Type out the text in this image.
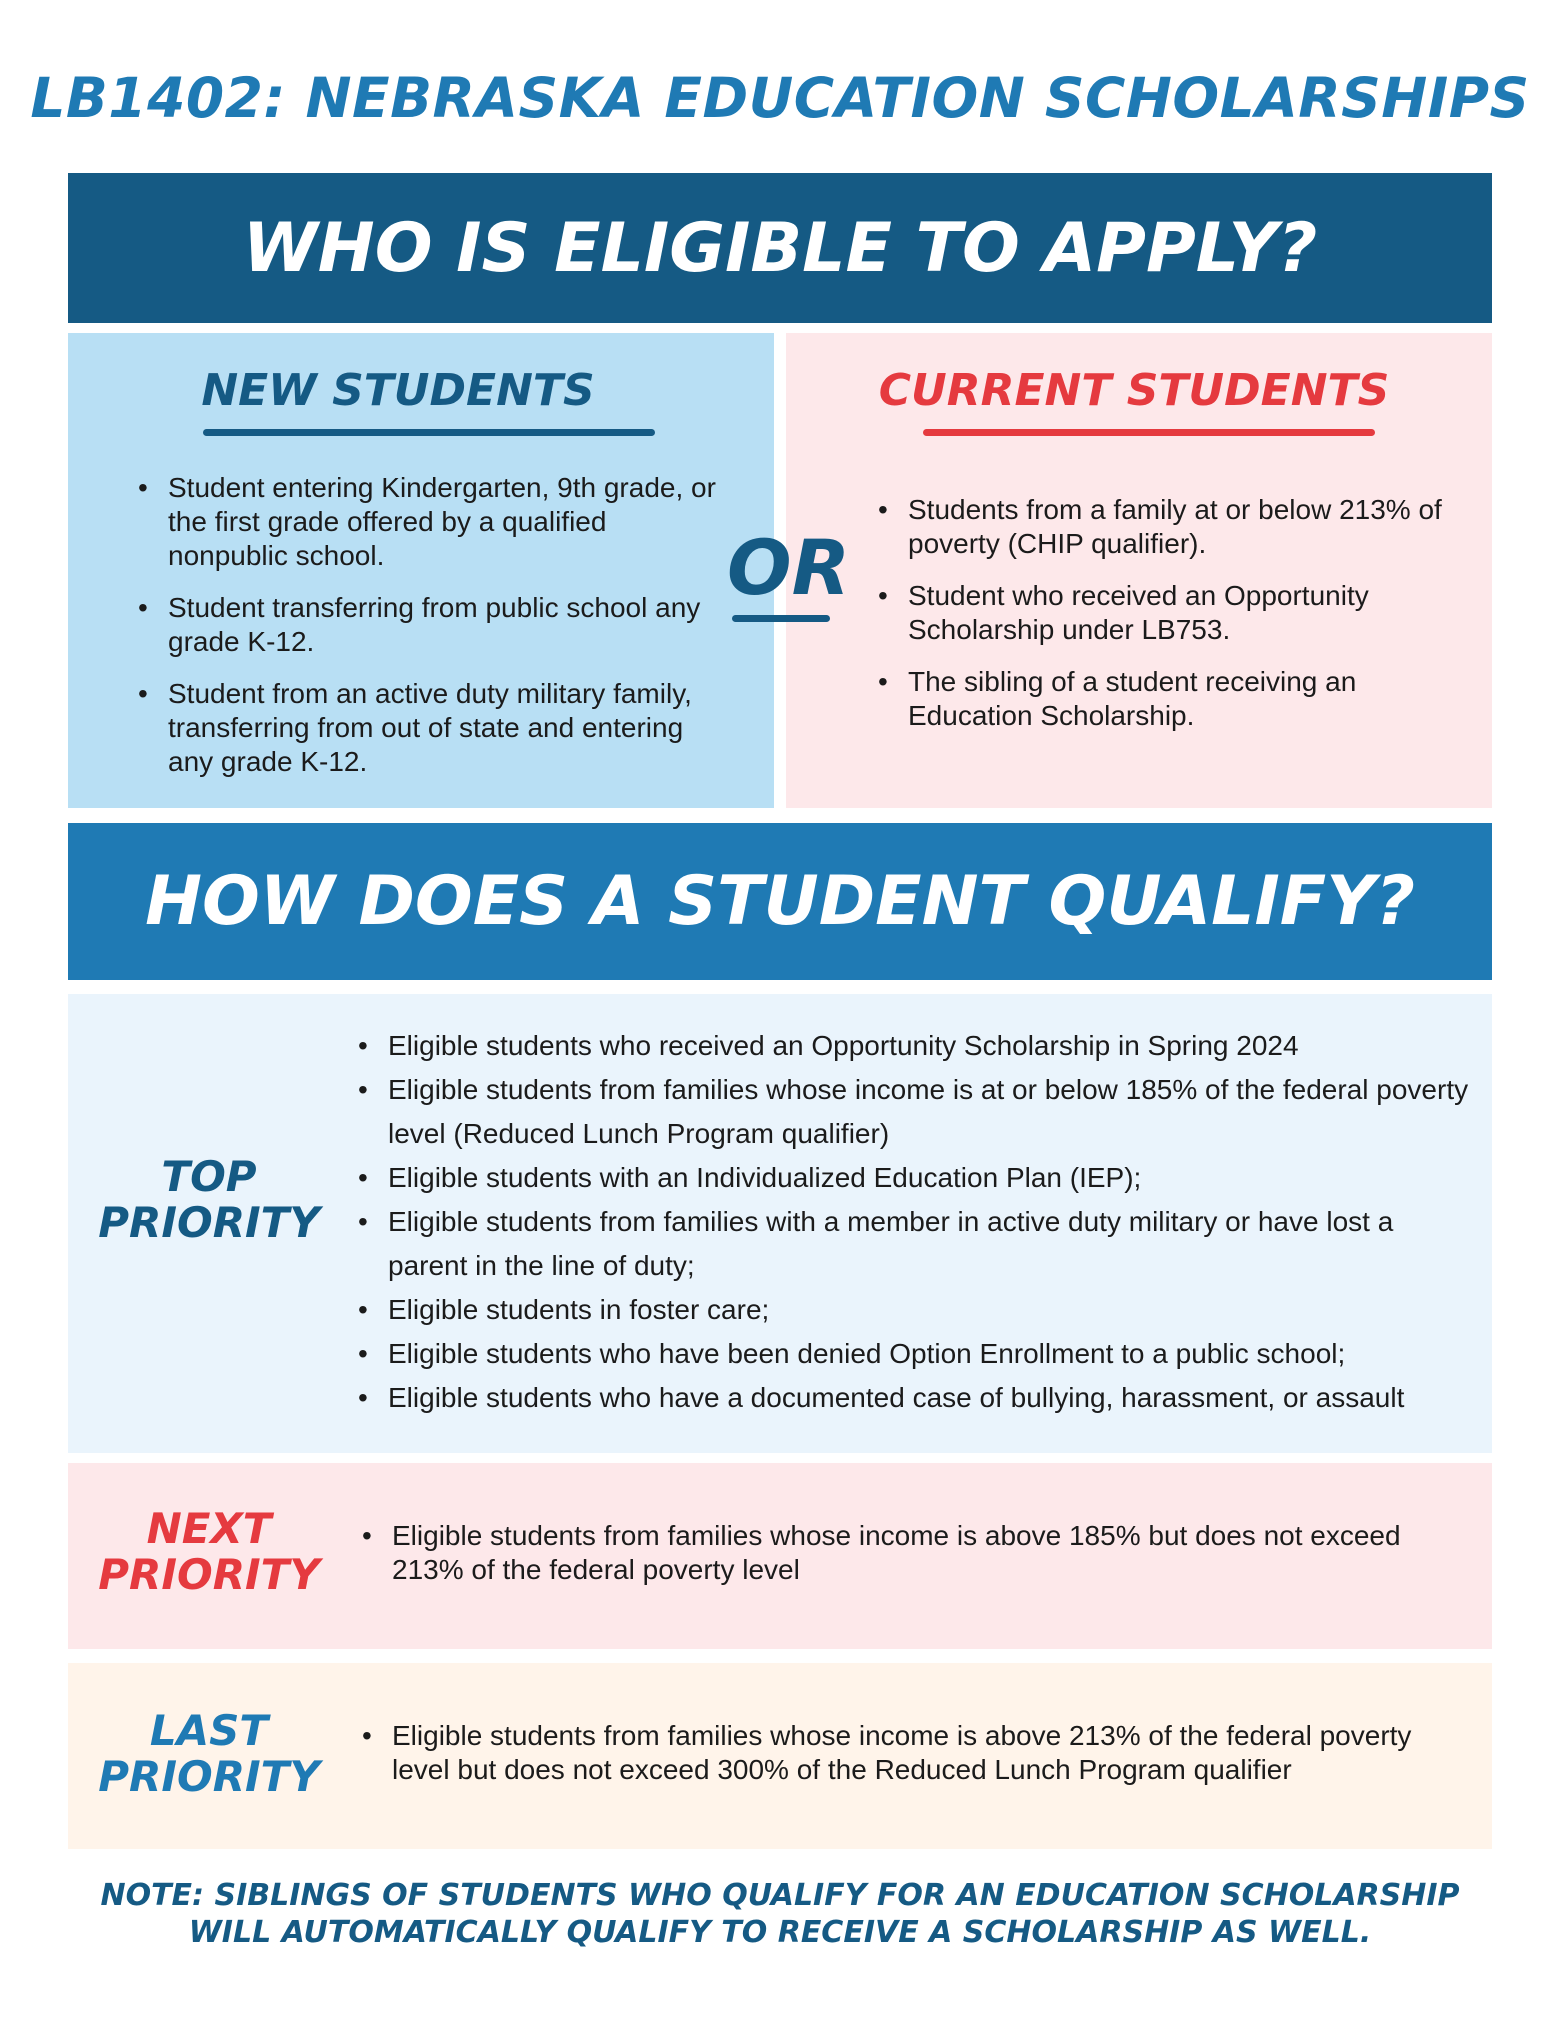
LB1402: NEBRASKA EDUCATION SCHOLARSHIPS
WHO IS ELIGIBLE TO APPLY?
NEW STUDENTS
• Student entering Kindergarten, 9th grade, or the first grade offered by a qualified nonpublic school.
• Student transferring from public school any grade K-12.
• Student from an active duty military family, transferring from out of state and entering any grade K-12.
CURRENT STUDENTS
• Students from a family at or below 213% of poverty (CHIP qualifier).
• Student who received an Opportunity Scholarship under LB753.
• The sibling of a student receiving an Education Scholarship.
OR
HOW DOES A STUDENT QUALIFY?
TOP
PRIORITY
• Eligible students who received an Opportunity Scholarship in Spring 2024
• Eligible students from families whose income is at or below 185% of the federal poverty level (Reduced Lunch Program qualifier)
• Eligible students with an Individualized Education Plan (IEP);
• Eligible students from families with a member in active duty military or have lost a parent in the line of duty;
• Eligible students in foster care;
• Eligible students who have been denied Option Enrollment to a public school;
• Eligible students who have a documented case of bullying, harassment, or assault
NEXT
PRIORITY
• Eligible students from families whose income is above 185% but does not exceed 213% of the federal poverty level
LAST
PRIORITY
• Eligible students from families whose income is above 213% of the federal poverty level but does not exceed 300% of the Reduced Lunch Program qualifier
NOTE: SIBLINGS OF STUDENTS WHO QUALIFY FOR AN EDUCATION SCHOLARSHIP
WILL AUTOMATICALLY QUALIFY TO RECEIVE A SCHOLARSHIP AS WELL.
